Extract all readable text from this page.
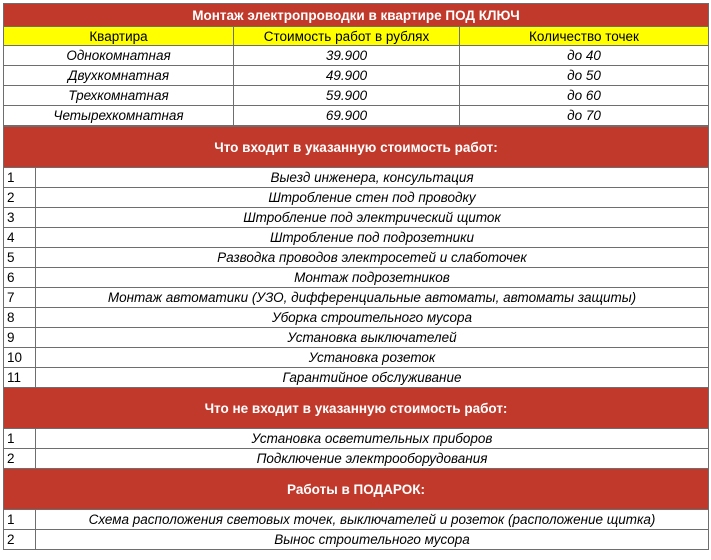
Монтаж электропроводки в квартире ПОД КЛЮЧ		
Квартира	Стоимость работ в рублях	Количество точек
Однокомнатная	39.900	до 40
Двухкомнатная	49.900	до 50
Трехкомнатная	59.900	до 60
Четырехкомнатная	69.900	до 70
Что входит в указанную стоимость работ:	
1	Выезд инженера, консультация
2	Штробление стен под проводку
3	Штробление под электрический щиток
4	Штробление под подрозетники
5	Разводка проводов электросетей и слаботочек
6	Монтаж подрозетников
7	Монтаж автоматики (УЗО, дифференциальные автоматы, автоматы защиты)
8	Уборка строительного мусора
9	Установка выключателей
10	Установка розеток
11	Гарантийное обслуживание
Что не входит в указанную стоимость работ:	
1	Установка осветительных приборов
2	Подключение электрооборудования
Работы в ПОДАРОК:	
1	Схема расположения световых точек, выключателей и розеток (расположение щитка)
2	Вынос строительного мусора
